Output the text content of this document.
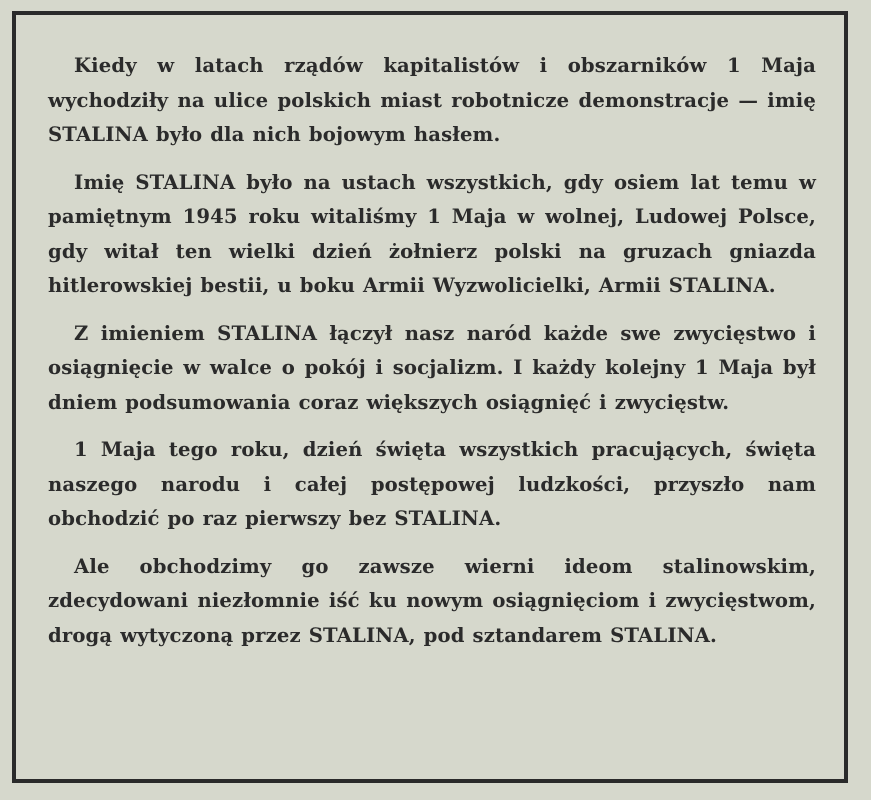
Kiedy w latach rządów kapitalistów i obszarników 1 Maja wychodziły na ulice polskich miast robotnicze demonstracje — imię STALINA było dla nich bojowym hasłem.

Imię STALINA było na ustach wszystkich, gdy osiem lat temu w pamiętnym 1945 roku witaliśmy 1 Maja w wolnej, Ludowej Polsce, gdy witał ten wielki dzień żołnierz polski na gruzach gniazda hitlerowskiej bestii, u boku Armii Wyzwolicielki, Armii STALINA.

Z imieniem STALINA łączył nasz naród każde swe zwycięstwo i osiągnięcie w walce o pokój i socjalizm. I każdy kolejny 1 Maja był dniem podsumowania coraz większych osiągnięć i zwycięstw.

1 Maja tego roku, dzień święta wszystkich pracujących, święta naszego narodu i całej postępowej ludzkości, przyszło nam obchodzić po raz pierwszy bez STALINA.

Ale obchodzimy go zawsze wierni ideom stalinowskim, zdecydowani niezłomnie iść ku nowym osiągnięciom i zwycięstwom, drogą wytyczoną przez STALINA, pod sztandarem STALINA.
